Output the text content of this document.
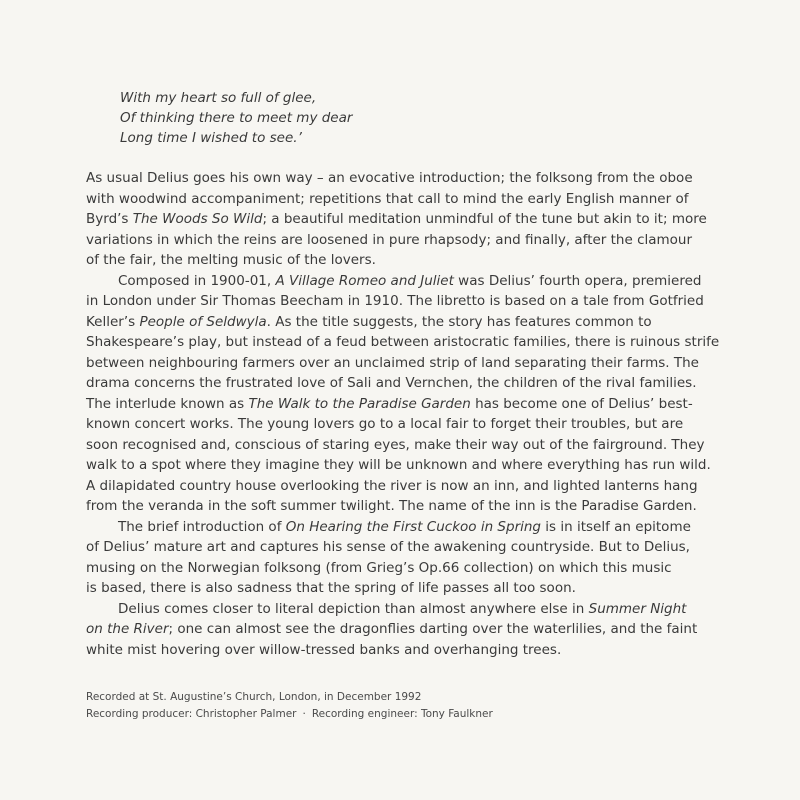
With my heart so full of glee,
Of thinking there to meet my dear
Long time I wished to see.’
As usual Delius goes his own way – an evocative introduction; the folksong from the oboe
with woodwind accompaniment; repetitions that call to mind the early English manner of
Byrd’s The Woods So Wild; a beautiful meditation unmindful of the tune but akin to it; more
variations in which the reins are loosened in pure rhapsody; and finally, after the clamour
of the fair, the melting music of the lovers.
Composed in 1900-01, A Village Romeo and Juliet was Delius’ fourth opera, premiered
in London under Sir Thomas Beecham in 1910. The libretto is based on a tale from Gotfried
Keller’s People of Seldwyla. As the title suggests, the story has features common to
Shakespeare’s play, but instead of a feud between aristocratic families, there is ruinous strife
between neighbouring farmers over an unclaimed strip of land separating their farms. The
drama concerns the frustrated love of Sali and Vernchen, the children of the rival families.
The interlude known as The Walk to the Paradise Garden has become one of Delius’ best-
known concert works. The young lovers go to a local fair to forget their troubles, but are
soon recognised and, conscious of staring eyes, make their way out of the fairground. They
walk to a spot where they imagine they will be unknown and where everything has run wild.
A dilapidated country house overlooking the river is now an inn, and lighted lanterns hang
from the veranda in the soft summer twilight. The name of the inn is the Paradise Garden.
The brief introduction of On Hearing the First Cuckoo in Spring is in itself an epitome
of Delius’ mature art and captures his sense of the awakening countryside. But to Delius,
musing on the Norwegian folksong (from Grieg’s Op.66 collection) on which this music
is based, there is also sadness that the spring of life passes all too soon.
Delius comes closer to literal depiction than almost anywhere else in Summer Night
on the River; one can almost see the dragonflies darting over the waterlilies, and the faint
white mist hovering over willow-tressed banks and overhanging trees.
Recorded at St. Augustine’s Church, London, in December 1992
Recording producer: Christopher Palmer · Recording engineer: Tony Faulkner
